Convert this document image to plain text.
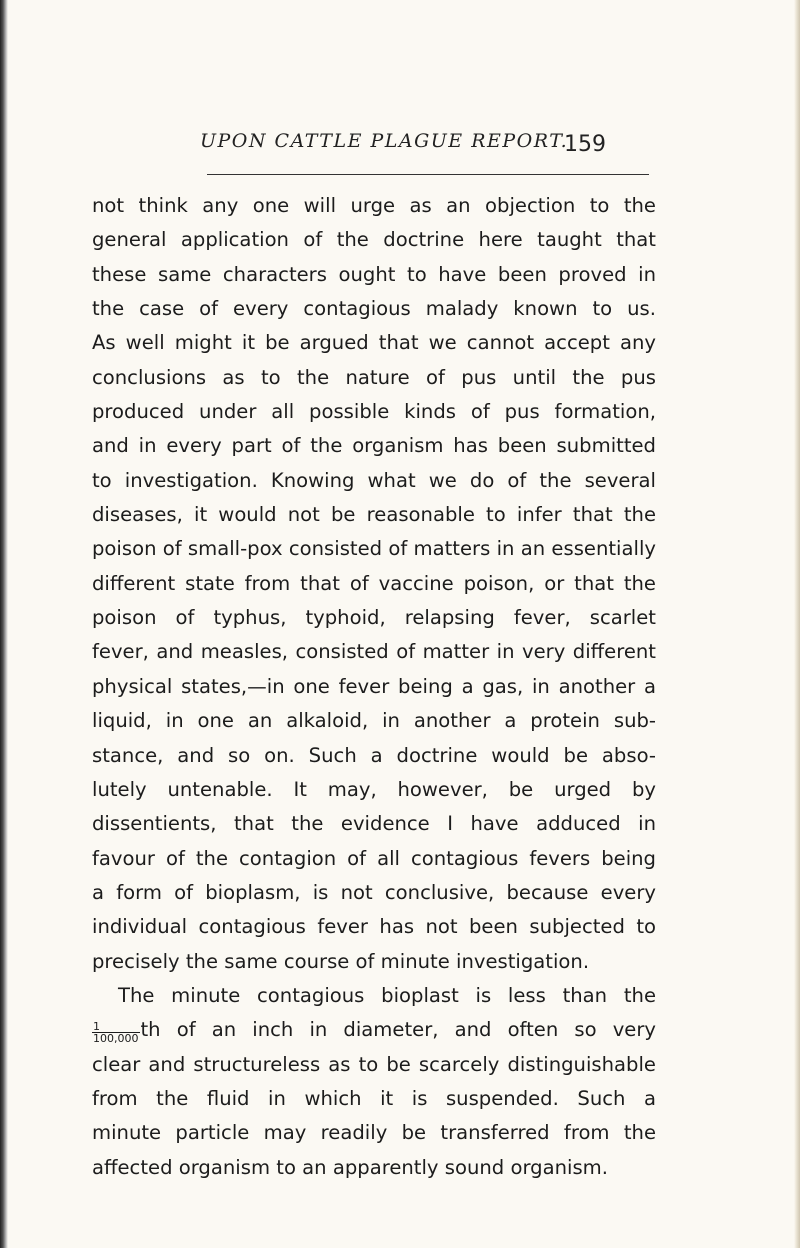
UPON CATTLE PLAGUE REPORT.
159
not think any one will urge as an objection to the
general application of the doctrine here taught that
these same characters ought to have been proved in
the case of every contagious malady known to us.
As well might it be argued that we cannot accept any
conclusions as to the nature of pus until the pus
produced under all possible kinds of pus formation,
and in every part of the organism has been submitted
to investigation. Knowing what we do of the several
diseases, it would not be reasonable to infer that the
poison of small-pox consisted of matters in an essentially
different state from that of vaccine poison, or that the
poison of typhus, typhoid, relapsing fever, scarlet
fever, and measles, consisted of matter in very different
physical states,—in one fever being a gas, in another a
liquid, in one an alkaloid, in another a protein sub-
stance, and so on. Such a doctrine would be abso-
lutely untenable. It may, however, be urged by
dissentients, that the evidence I have adduced in
favour of the contagion of all contagious fevers being
a form of bioplasm, is not conclusive, because every
individual contagious fever has not been subjected to
precisely the same course of minute investigation.
The minute contagious bioplast is less than the
$\frac{1}{100,000}$ th of an inch in diameter, and often so very
clear and structureless as to be scarcely distinguishable
from the fluid in which it is suspended. Such a
minute particle may readily be transferred from the
affected organism to an apparently sound organism.
